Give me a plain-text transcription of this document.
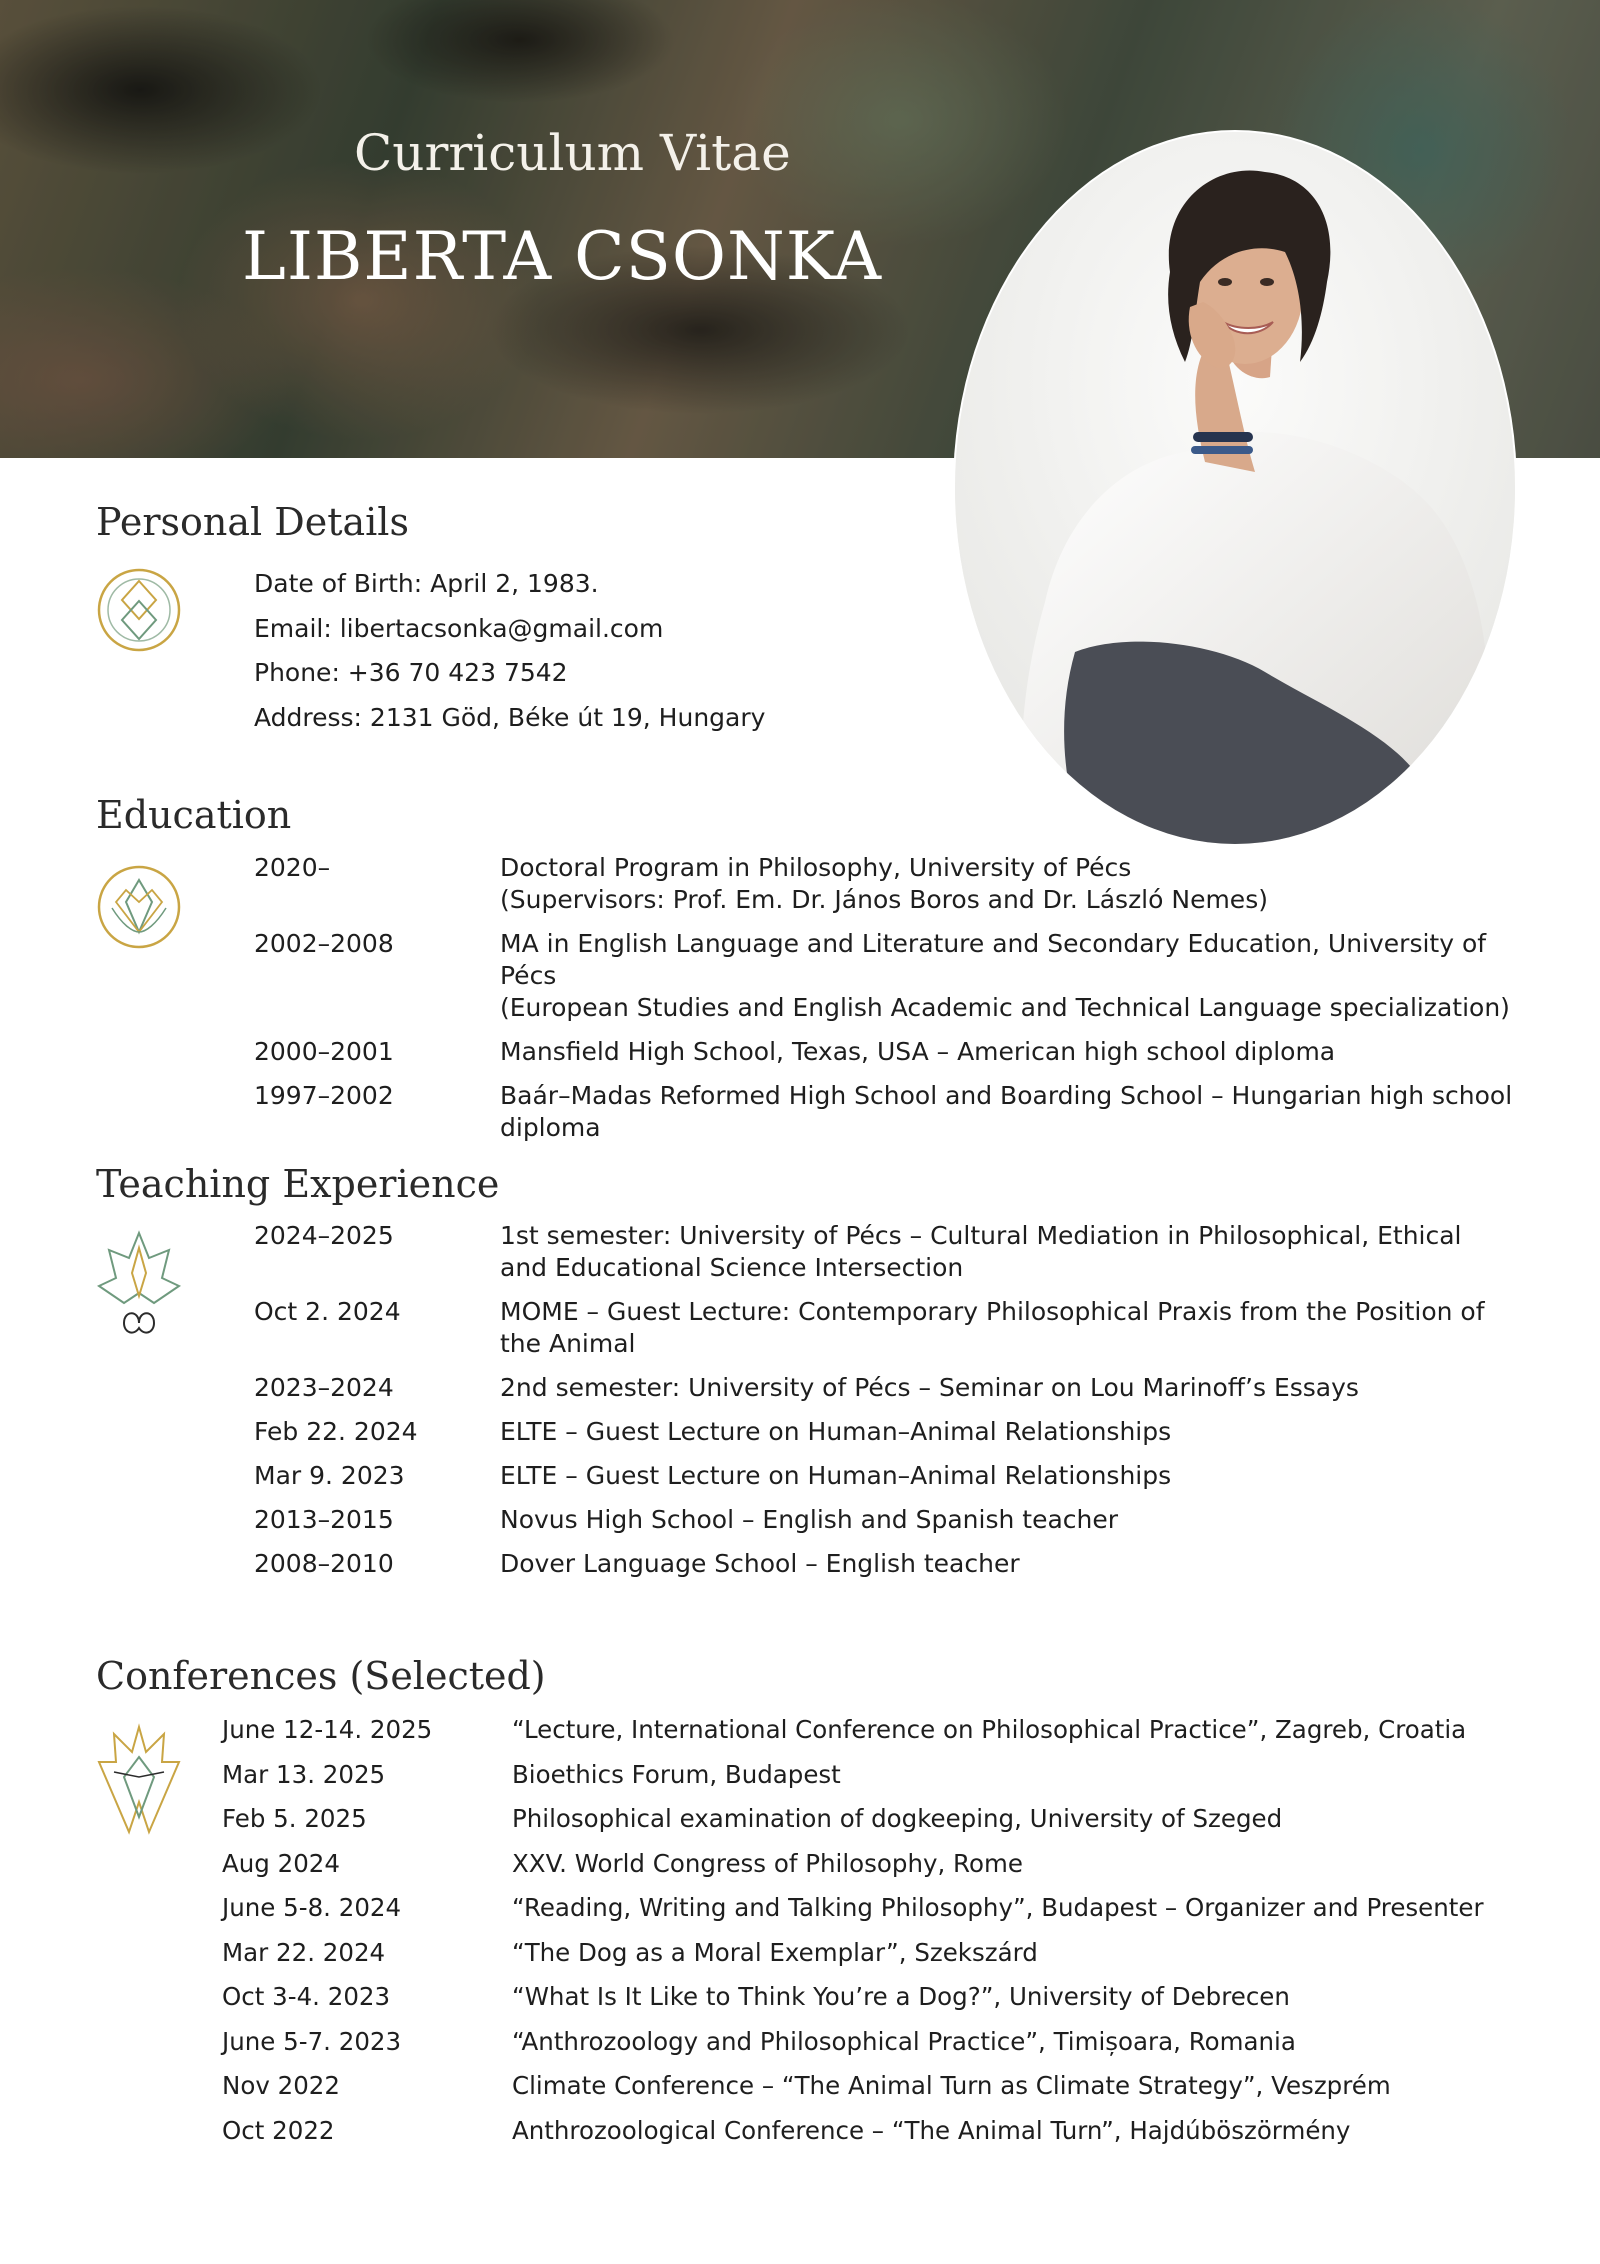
Curriculum Vitae
LIBERTA CSONKA
Personal Details
Date of Birth: April 2, 1983.
Email: libertacsonka@gmail.com
Phone: +36 70 423 7542
Address: 2131 Göd, Béke út 19, Hungary
Education
2020–	Doctoral Program in Philosophy, University of Pécs
(Supervisors: Prof. Em. Dr. János Boros and Dr. László Nemes)
2002–2008	MA in English Language and Literature and Secondary Education, University of Pécs
(European Studies and English Academic and Technical Language specialization)
2000–2001	Mansfield High School, Texas, USA – American high school diploma
1997–2002	Baár–Madas Reformed High School and Boarding School – Hungarian high school diploma
Teaching Experience
2024–2025	1st semester: University of Pécs – Cultural Mediation in Philosophical, Ethical and Educational Science Intersection
Oct 2. 2024	MOME – Guest Lecture: Contemporary Philosophical Praxis from the Position of the Animal
2023–2024	2nd semester: University of Pécs – Seminar on Lou Marinoff’s Essays
Feb 22. 2024	ELTE – Guest Lecture on Human–Animal Relationships
Mar 9. 2023	ELTE – Guest Lecture on Human–Animal Relationships
2013–2015	Novus High School – English and Spanish teacher
2008–2010	Dover Language School – English teacher
Conferences (Selected)
June 12-14. 2025	“Lecture, International Conference on Philosophical Practice”, Zagreb, Croatia
Mar 13. 2025	Bioethics Forum, Budapest
Feb 5. 2025	Philosophical examination of dogkeeping, University of Szeged
Aug 2024	XXV. World Congress of Philosophy, Rome
June 5-8. 2024	“Reading, Writing and Talking Philosophy”, Budapest – Organizer and Presenter
Mar 22. 2024	“The Dog as a Moral Exemplar”, Szekszárd
Oct 3-4. 2023	“What Is It Like to Think You’re a Dog?”, University of Debrecen
June 5-7. 2023	“Anthrozoology and Philosophical Practice”, Timișoara, Romania
Nov 2022	Climate Conference – “The Animal Turn as Climate Strategy”, Veszprém
Oct 2022	Anthrozoological Conference – “The Animal Turn”, Hajdúböszörmény
